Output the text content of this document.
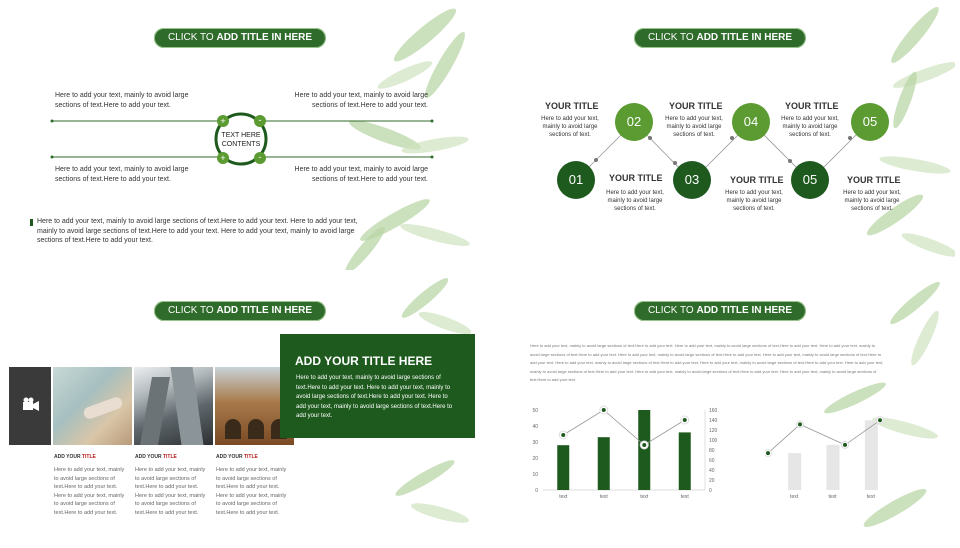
CLICK TO ADD TITLE IN HERE
Here to add your text, mainly to avoid large sections of text.Here to add your text.
Here to add your text, mainly to avoid large sections of text.Here to add your text.
Here to add your text, mainly to avoid large sections of text.Here to add your text.
Here to add your text, mainly to avoid large sections of text.Here to add your text.
TEXT HERE CONTENTS
+	-
+	-
Here to add your text, mainly to avoid large sections of text.Here to add your text. Here to add your text, mainly to avoid large sections of text.Here to add your text. Here to add your text, mainly to avoid large sections of text.Here to add your text.
CLICK TO ADD TITLE IN HERE
01
02
03
04
05
05
YOUR TITLE
Here to add your text, mainly to avoid large sections of text.
YOUR TITLE
Here to add your text, mainly to avoid large sections of text.
YOUR TITLE
Here to add your text, mainly to avoid large sections of text.
YOUR TITLE
Here to add your text, mainly to avoid large sections of text.
YOUR TITLE
Here to add your text, mainly to avoid large sections of text.
YOUR TITLE
Here to add your text, mainly to avoid large sections of text.
CLICK TO ADD TITLE IN HERE
ADD YOUR TITLE HERE
Here to add your text, mainly to avoid large sections of text.Here to add your text. Here to add your text, mainly to avoid large sections of text.Here to add your text. Here to add your text, mainly to avoid large sections of text.Here to add your text.
ADD YOUR TITLE
Here to add your text, mainly to avoid large sections of text.Here to add your text. Here to add your text, mainly to avoid large sections of text.Here to add your text.
ADD YOUR TITLE
Here to add your text, mainly to avoid large sections of text.Here to add your text. Here to add your text, mainly to avoid large sections of text.Here to add your text.
ADD YOUR TITLE
Here to add your text, mainly to avoid large sections of text.Here to add your text. Here to add your text, mainly to avoid large sections of text.Here to add your text.
CLICK TO ADD TITLE IN HERE
Here to add your text, mainly to avoid large sections of text.Here to add your text. Here to add your text, mainly to avoid large sections of text.Here to add your text. Here to add your text, mainly to avoid large sections of text.Here to add your text. Here to add your text, mainly to avoid large sections of text.Here to add your text. Here to add your text, mainly to avoid large sections of text.Here to add your text. Here to add your text, mainly to avoid large sections of text.Here to add your text. Here to add your text, mainly to avoid large sections of text.Here to add your text. Here to add your text, mainly to avoid large sections of text.Here to add your text. Here to add your text, mainly to avoid large sections of text.Here to add your text. Here to add your text, mainly to avoid large sections of text.Here to add your text.
50
40
30
20
10
0
160
140
120
100
80
60
40
20
0
text	text	text	text	text	text	text
